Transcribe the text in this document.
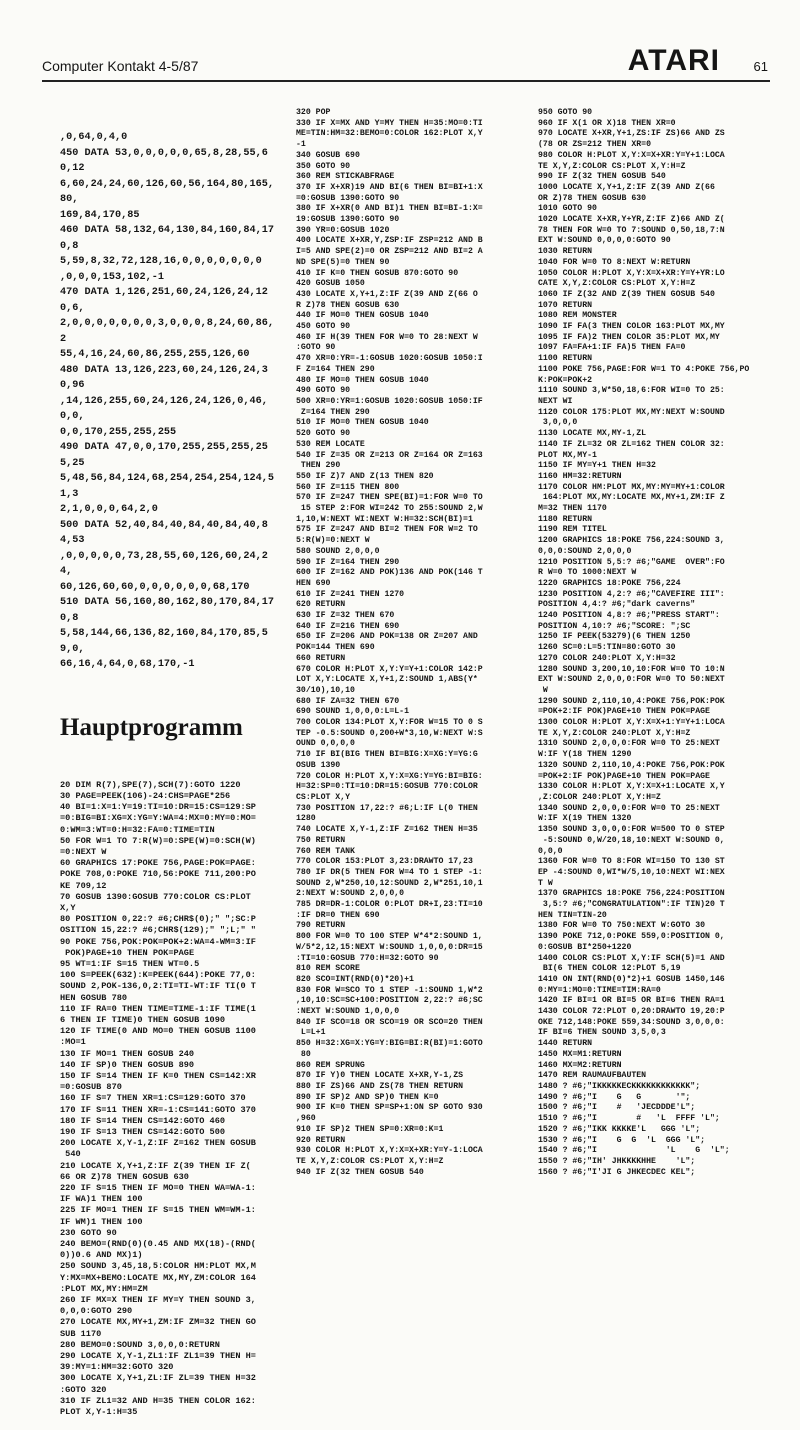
Computer Kontakt 4-5/87	ATARI	61

,0,64,0,4,0
450 DATA 53,0,0,0,0,0,65,8,28,55,60,12
6,60,24,24,60,126,60,56,164,80,165,80,
169,84,170,85
460 DATA 58,132,64,130,84,160,84,170,8
5,59,8,32,72,128,16,0,0,0,0,0,0,0
,0,0,0,153,102,-1
470 DATA 1,126,251,60,24,126,24,120,6,
2,0,0,0,0,0,0,0,3,0,0,0,8,24,60,86,2
55,4,16,24,60,86,255,255,126,60
480 DATA 13,126,223,60,24,126,24,30,96
,14,126,255,60,24,126,24,126,0,46,0,0,
0,0,170,255,255,255
490 DATA 47,0,0,170,255,255,255,255,25
5,48,56,84,124,68,254,254,254,124,51,3
2,1,0,0,0,64,2,0
500 DATA 52,40,84,40,84,40,84,40,84,53
,0,0,0,0,0,73,28,55,60,126,60,24,24,
60,126,60,60,0,0,0,0,0,0,68,170
510 DATA 56,160,80,162,80,170,84,170,8
5,58,144,66,136,82,160,84,170,85,59,0,
66,16,4,64,0,68,170,-1

Hauptprogramm

20 DIM R(7),SPE(7),SCH(7):GOTO 1220
30 PAGE=PEEK(106)-24:CHS=PAGE*256
40 BI=1:X=1:Y=19:TI=10:DR=15:CS=129:SP
=0:BIG=BI:XG=X:YG=Y:WA=4:MX=0:MY=0:MO=
0:WM=3:WT=0:H=32:FA=0:TIME=TIN
50 FOR W=1 TO 7:R(W)=0:SPE(W)=0:SCH(W)
=0:NEXT W
60 GRAPHICS 17:POKE 756,PAGE:POK=PAGE:
POKE 708,0:POKE 710,56:POKE 711,200:PO
KE 709,12
70 GOSUB 1390:GOSUB 770:COLOR CS:PLOT
X,Y
80 POSITION 0,22:? #6;CHR$(0);" ";SC:P
OSITION 15,22:? #6;CHR$(129);" ";L;" "
90 POKE 756,POK:POK=POK+2:WA=4-WM=3:IF
POK)PAGE+10 THEN POK=PAGE
95 WT=1:IF S=15 THEN WT=0.5
100 S=PEEK(632):K=PEEK(644):POKE 77,0:
SOUND 2,POK-136,0,2:TI=TI-WT:IF TI(0 T
HEN GOSUB 780
110 IF RA=0 THEN TIME=TIME-1:IF TIME(1
6 THEN IF TIME)0 THEN GOSUB 1090
120 IF TIME(0 AND MO=0 THEN GOSUB 1100
:MO=1
130 IF MO=1 THEN GOSUB 240
140 IF SP)0 THEN GOSUB 890
150 IF S=14 THEN IF K=0 THEN CS=142:XR
=0:GOSUB 870
160 IF S=7 THEN XR=1:CS=129:GOTO 370
170 IF S=11 THEN XR=-1:CS=141:GOTO 370
180 IF S=14 THEN CS=142:GOTO 460
190 IF S=13 THEN CS=142:GOTO 500
200 LOCATE X,Y-1,Z:IF Z=162 THEN GOSUB
540
210 LOCATE X,Y+1,Z:IF Z(39 THEN IF Z(
66 OR Z)78 THEN GOSUB 630
220 IF S=15 THEN IF MO=0 THEN WA=WA-1:
IF WA)1 THEN 100
225 IF MO=1 THEN IF S=15 THEN WM=WM-1:
IF WM)1 THEN 100
230 GOTO 90
240 BEMO=(RND(0)(0.45 AND MX(18)-(RND(
0))0.6 AND MX)1)
250 SOUND 3,45,18,5:COLOR HM:PLOT MX,M
Y:MX=MX+BEMO:LOCATE MX,MY,ZM:COLOR 164
:PLOT MX,MY:HM=ZM
260 IF MX=X THEN IF MY=Y THEN SOUND 3,
0,0,0:GOTO 290
270 LOCATE MX,MY+1,ZM:IF ZM=32 THEN GO
SUB 1170
280 BEMO=0:SOUND 3,0,0,0:RETURN
290 LOCATE X,Y-1,ZL1:IF ZL1=39 THEN H=
39:MY=1:HM=32:GOTO 320
300 LOCATE X,Y+1,ZL:IF ZL=39 THEN H=32
:GOTO 320
310 IF ZL1=32 AND H=35 THEN COLOR 162:
PLOT X,Y-1:H=35

320 POP
330 IF X=MX AND Y=MY THEN H=35:MO=0:TI
ME=TIN:HM=32:BEMO=0:COLOR 162:PLOT X,Y
-1
340 GOSUB 690
350 GOTO 90
360 REM STICKABFRAGE
370 IF X+XR)19 AND BI(6 THEN BI=BI+1:X
=0:GOSUB 1390:GOTO 90
380 IF X+XR(0 AND BI)1 THEN BI=BI-1:X=
19:GOSUB 1390:GOTO 90
390 YR=0:GOSUB 1020
400 LOCATE X+XR,Y,ZSP:IF ZSP=212 AND B
I=5 AND SPE(2)=0 OR ZSP=212 AND BI=2 A
ND SPE(5)=0 THEN 90
410 IF K=0 THEN GOSUB 870:GOTO 90
420 GOSUB 1050
430 LOCATE X,Y+1,Z:IF Z(39 AND Z(66 O
R Z)78 THEN GOSUB 630
440 IF MO=0 THEN GOSUB 1040
450 GOTO 90
460 IF H(39 THEN FOR W=0 TO 28:NEXT W
:GOTO 90
470 XR=0:YR=-1:GOSUB 1020:GOSUB 1050:I
F Z=164 THEN 290
480 IF MO=0 THEN GOSUB 1040
490 GOTO 90
500 XR=0:YR=1:GOSUB 1020:GOSUB 1050:IF
Z=164 THEN 290
510 IF MO=0 THEN GOSUB 1040
520 GOTO 90
530 REM LOCATE
540 IF Z=35 OR Z=213 OR Z=164 OR Z=163
THEN 290
550 IF Z)7 AND Z(13 THEN 820
560 IF Z=115 THEN 800
570 IF Z=247 THEN SPE(BI)=1:FOR W=0 TO
15 STEP 2:FOR WI=242 TO 255:SOUND 2,W
1,10,W:NEXT WI:NEXT W:H=32:SCH(BI)=1
575 IF Z=247 AND BI=2 THEN FOR W=2 TO
5:R(W)=0:NEXT W
580 SOUND 2,0,0,0
590 IF Z=164 THEN 290
600 IF Z=162 AND POK)136 AND POK(146 T
HEN 690
610 IF Z=241 THEN 1270
620 RETURN
630 IF Z=32 THEN 670
640 IF Z=216 THEN 690
650 IF Z=206 AND POK=138 OR Z=207 AND
POK=144 THEN 690
660 RETURN
670 COLOR H:PLOT X,Y:Y=Y+1:COLOR 142:P
LOT X,Y:LOCATE X,Y+1,Z:SOUND 1,ABS(Y*
30/10),10,10
680 IF ZA=32 THEN 670
690 SOUND 1,0,0,0:L=L-1
700 COLOR 134:PLOT X,Y:FOR W=15 TO 0 S
TEP -0.5:SOUND 0,200+W*3,10,W:NEXT W:S
OUND 0,0,0,0
710 IF BI(BIG THEN BI=BIG:X=XG:Y=YG:G
OSUB 1390
720 COLOR H:PLOT X,Y:X=XG:Y=YG:BI=BIG:
H=32:SP=0:TI=10:DR=15:GOSUB 770:COLOR
CS:PLOT X,Y
730 POSITION 17,22:? #6;L:IF L(0 THEN
1280
740 LOCATE X,Y-1,Z:IF Z=162 THEN H=35
750 RETURN
760 REM TANK
770 COLOR 153:PLOT 3,23:DRAWTO 17,23
780 IF DR(5 THEN FOR W=4 TO 1 STEP -1:
SOUND 2,W*250,10,12:SOUND 2,W*251,10,1
2:NEXT W:SOUND 2,0,0,0
785 DR=DR-1:COLOR 0:PLOT DR+I,23:TI=10
:IF DR=0 THEN 690
790 RETURN
800 FOR W=0 TO 100 STEP W*4*2:SOUND 1,
W/5*2,12,15:NEXT W:SOUND 1,0,0,0:DR=15
:TI=10:GOSUB 770:H=32:GOTO 90
810 REM SCORE
820 SCO=INT(RND(0)*20)+1
830 FOR W=SCO TO 1 STEP -1:SOUND 1,W*2
,10,10:SC=SC+100:POSITION 2,22:? #6;SC
:NEXT W:SOUND 1,0,0,0
840 IF SCO=18 OR SCO=19 OR SCO=20 THEN
L=L+1
850 H=32:XG=X:YG=Y:BIG=BI:R(BI)=1:GOTO
80
860 REM SPRUNG
870 IF Y)0 THEN LOCATE X+XR,Y-1,ZS
880 IF ZS)66 AND ZS(78 THEN RETURN
890 IF SP)2 AND SP)0 THEN K=0
900 IF K=0 THEN SP=SP+1:ON SP GOTO 930
,960
910 IF SP)2 THEN SP=0:XR=0:K=1
920 RETURN
930 COLOR H:PLOT X,Y:X=X+XR:Y=Y-1:LOCA
TE X,Y,Z:COLOR CS:PLOT X,Y:H=Z
940 IF Z(32 THEN GOSUB 540
950 GOTO 90
960 IF X(1 OR X)18 THEN XR=0
970 LOCATE X+XR,Y+1,ZS:IF ZS)66 AND ZS
(78 OR ZS=212 THEN XR=0
980 COLOR H:PLOT X,Y:X=X+XR:Y=Y+1:LOCA
TE X,Y,Z:COLOR CS:PLOT X,Y:H=Z
990 IF Z(32 THEN GOSUB 540
1000 LOCATE X,Y+1,Z:IF Z(39 AND Z(66
OR Z)78 THEN GOSUB 630
1010 GOTO 90
1020 LOCATE X+XR,Y+YR,Z:IF Z)66 AND Z(
78 THEN FOR W=0 TO 7:SOUND 0,50,18,7:N
EXT W:SOUND 0,0,0,0:GOTO 90
1030 RETURN
1040 FOR W=0 TO 8:NEXT W:RETURN
1050 COLOR H:PLOT X,Y:X=X+XR:Y=Y+YR:LO
CATE X,Y,Z:COLOR CS:PLOT X,Y:H=Z
1060 IF Z(32 AND Z(39 THEN GOSUB 540
1070 RETURN
1080 REM MONSTER
1090 IF FA(3 THEN COLOR 163:PLOT MX,MY
1095 IF FA)2 THEN COLOR 35:PLOT MX,MY
1097 FA=FA+1:IF FA)5 THEN FA=0
1100 RETURN
1100 POKE 756,PAGE:FOR W=1 TO 4:POKE 756,PO
K:POK=POK+2
1110 SOUND 3,W*50,18,6:FOR WI=0 TO 25:
NEXT WI
1120 COLOR 175:PLOT MX,MY:NEXT W:SOUND
3,0,0,0
1130 LOCATE MX,MY-1,ZL
1140 IF ZL=32 OR ZL=162 THEN COLOR 32:
PLOT MX,MY-1
1150 IF MY=Y+1 THEN H=32
1160 HM=32:RETURN
1170 COLOR HM:PLOT MX,MY:MY=MY+1:COLOR
164:PLOT MX,MY:LOCATE MX,MY+1,ZM:IF Z
M=32 THEN 1170
1180 RETURN
1190 REM TITEL
1200 GRAPHICS 18:POKE 756,224:SOUND 3,
0,0,0:SOUND 2,0,0,0
1210 POSITION 5,5:? #6;"GAME  OVER":FO
R W=0 TO 1000:NEXT W
1220 GRAPHICS 18:POKE 756,224
1230 POSITION 4,2:? #6;"CAVEFIRE III":
POSITION 4,4:? #6;"dark caverns"
1240 POSITION 4,8:? #6;"PRESS START":
POSITION 4,10:? #6;"SCORE: ";SC
1250 IF PEEK(53279)(6 THEN 1250
1260 SC=0:L=5:TIN=80:GOTO 30
1270 COLOR 240:PLOT X,Y:H=32
1280 SOUND 3,200,10,10:FOR W=0 TO 10:N
EXT W:SOUND 2,0,0,0:FOR W=0 TO 50:NEXT
W
1290 SOUND 2,110,10,4:POKE 756,POK:POK
=POK+2:IF POK)PAGE+10 THEN POK=PAGE
1300 COLOR H:PLOT X,Y:X=X+1:Y=Y+1:LOCA
TE X,Y,Z:COLOR 240:PLOT X,Y:H=Z
1310 SOUND 2,0,0,0:FOR W=0 TO 25:NEXT
W:IF Y(18 THEN 1290
1320 SOUND 2,110,10,4:POKE 756,POK:POK
=POK+2:IF POK)PAGE+10 THEN POK=PAGE
1330 COLOR H:PLOT X,Y:X=X+1:LOCATE X,Y
,Z:COLOR 240:PLOT X,Y:H=Z
1340 SOUND 2,0,0,0:FOR W=0 TO 25:NEXT
W:IF X(19 THEN 1320
1350 SOUND 3,0,0,0:FOR W=500 TO 0 STEP
-5:SOUND 0,W/20,18,10:NEXT W:SOUND 0,
0,0,0
1360 FOR W=0 TO 8:FOR WI=150 TO 130 ST
EP -4:SOUND 0,WI*W/5,10,10:NEXT WI:NEX
T W
1370 GRAPHICS 18:POKE 756,224:POSITION
3,5:? #6;"CONGRATULATION":IF TIN)20 T
HEN TIN=TIN-20
1380 FOR W=0 TO 750:NEXT W:GOTO 30
1390 POKE 712,0:POKE 559,0:POSITION 0,
0:GOSUB BI*250+1220
1400 COLOR CS:PLOT X,Y:IF SCH(5)=1 AND
BI(6 THEN COLOR 12:PLOT 5,19
1410 ON INT(RND(0)*2)+1 GOSUB 1450,146
0:MY=1:MO=0:TIME=TIM:RA=0
1420 IF BI=1 OR BI=5 OR BI=6 THEN RA=1
1430 COLOR 72:PLOT 0,20:DRAWTO 19,20:P
OKE 712,148:POKE 559,34:SOUND 3,0,0,0:
IF BI=6 THEN SOUND 3,5,0,3
1440 RETURN
1450 MX=M1:RETURN
1460 MX=M2:RETURN
1470 REM RAUMAUFBAUTEN
1480 ? #6;"IKKKKKECKKKKKKKKKKKK";
1490 ? #6;"I    G   G       '";
1500 ? #6;"I    #   'JECDDDE'L";
1510 ? #6;"I        #   'L  FFFF 'L";
1520 ? #6;"IKK KKKKE'L   GGG 'L";
1530 ? #6;"I    G  G  'L  GGG 'L";
1540 ? #6;"I              'L    G  'L";
1550 ? #6;"IH' JHKKKKHHE    'L";
1560 ? #6;"I'JI G JHKECDEC KEL";
